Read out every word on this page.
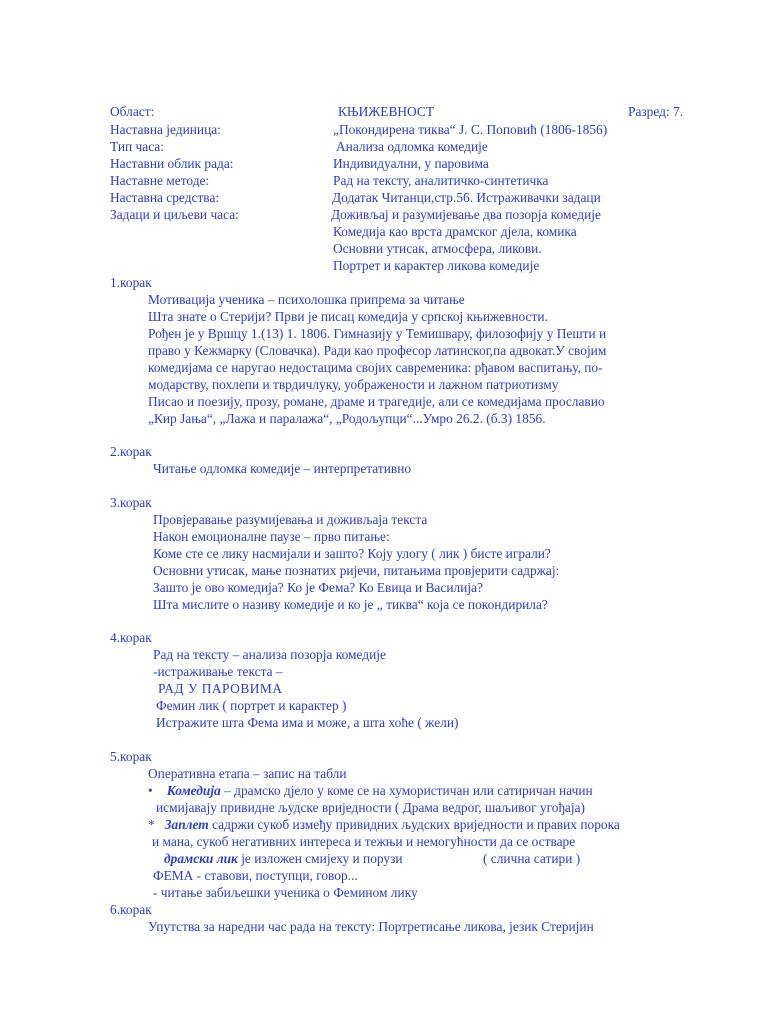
Област:	КЊИЖЕВНОСТ	Разред: 7.
Наставна јединица:	„Покондирена тиква“ Ј. С. Поповић (1806-1856)
Тип часа:	Анализа одломка комедије
Наставни облик рада:	Индивидуални, у паровима
Наставне методе:	Рад на тексту, аналитичко-синтетичка
Наставна средства:	Додатак Читанци,стр.56. Истраживачки задаци
Задаци и циљеви часа:	Доживљај и разумијевање два позорја комедије
Комедија као врста драмског дјела, комика
Основни утисак, атмосфера, ликови.
Портрет и карактер ликова комедије
1.корак
Мотивација ученика – психолошка припрема за читање
Шта знате о Стерији? Први је писац комедија у српској књижевности.
Рођен је у Вршцу 1.(13) 1. 1806. Гимназију у Темишвару, филозофију у Пешти и
право у Кежмарку (Словачка). Ради као професор латинског,па адвокат.У својим
комедијама се наругао недостацима својих савременика: рђавом васпитању, по-
модарству, похлепи и тврдичлуку, уображености и лажном патриотизму
Писао и поезију, прозу, романе, драме и трагедије, али се комедијама прославио
„Кир Јања“, „Лажа и паралажа“, „Родољупци“...Умро 26.2. (б.3) 1856.
2.корак
Читање одломка комедије – интерпретативно
3.корак
Провјеравање разумијевања и доживљаја текста
Након емоционалне паузе – прво питање:
Коме сте се лику насмијали и зашто? Коју улогу ( лик ) бисте играли?
Основни утисак, мање познатих ријечи, питањима провјерити садржај:
Зашто је ово комедија? Ко је Фема? Ко Евица и Василија?
Шта мислите о називу комедије и ко је „ тиква“ која се покондирила?
4.корак
Рад на тексту – анализа позорја комедије
-истраживање текста –
РАД У ПАРОВИМА
Фемин лик ( портрет и карактер )
Истражите шта Фема има и може, а шта хоће ( жели)
5.корак
Оперативна етапа – запис на табли
• Комедија – драмско дјело у коме се на хумористичан или сатиричан начин
исмијавају привидне људске вриједности ( Драма ведрог, шаљивог угођаја)
* Заплет садржи сукоб између привидних људских вриједности и правих порока
и мана, сукоб негативних интереса и тежњи и немогућности да се остваре
драмски лик је изложен смијеху и порузи	( слична сатири )
ФЕМА - ставови, поступци, говор...
- читање забиљешки ученика о Фемином лику
6.корак
Упутства за наредни час рада на тексту: Портретисање ликова, језик Стеријин
